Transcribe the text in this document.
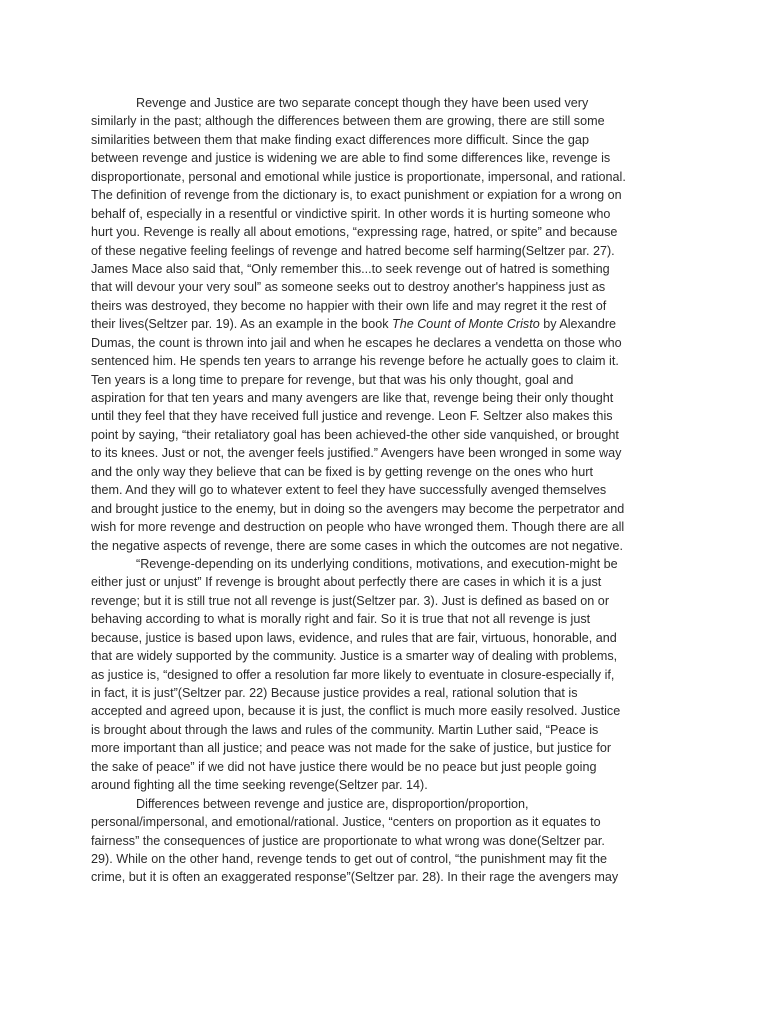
Revenge and Justice are two separate concept though they have been used very
similarly in the past; although the differences between them are growing, there are still some
similarities between them that make finding exact differences more difficult. Since the gap
between revenge and justice is widening we are able to find some differences like, revenge is
disproportionate, personal and emotional while justice is proportionate, impersonal, and rational.
The definition of revenge from the dictionary is, to exact punishment or expiation for a wrong on
behalf of, especially in a resentful or vindictive spirit. In other words it is hurting someone who
hurt you. Revenge is really all about emotions, “expressing rage, hatred, or spite” and because
of these negative feeling feelings of revenge and hatred become self harming(Seltzer par. 27).
James Mace also said that, “Only remember this...to seek revenge out of hatred is something
that will devour your very soul” as someone seeks out to destroy another's happiness just as
theirs was destroyed, they become no happier with their own life and may regret it the rest of
their lives(Seltzer par. 19). As an example in the book The Count of Monte Cristo by Alexandre
Dumas, the count is thrown into jail and when he escapes he declares a vendetta on those who
sentenced him. He spends ten years to arrange his revenge before he actually goes to claim it.
Ten years is a long time to prepare for revenge, but that was his only thought, goal and
aspiration for that ten years and many avengers are like that, revenge being their only thought
until they feel that they have received full justice and revenge. Leon F. Seltzer also makes this
point by saying, “their retaliatory goal has been achieved-the other side vanquished, or brought
to its knees. Just or not, the avenger feels justified.” Avengers have been wronged in some way
and the only way they believe that can be fixed is by getting revenge on the ones who hurt
them. And they will go to whatever extent to feel they have successfully avenged themselves
and brought justice to the enemy, but in doing so the avengers may become the perpetrator and
wish for more revenge and destruction on people who have wronged them. Though there are all
the negative aspects of revenge, there are some cases in which the outcomes are not negative.
“Revenge-depending on its underlying conditions, motivations, and execution-might be
either just or unjust” If revenge is brought about perfectly there are cases in which it is a just
revenge; but it is still true not all revenge is just(Seltzer par. 3). Just is defined as based on or
behaving according to what is morally right and fair. So it is true that not all revenge is just
because, justice is based upon laws, evidence, and rules that are fair, virtuous, honorable, and
that are widely supported by the community. Justice is a smarter way of dealing with problems,
as justice is, “designed to offer a resolution far more likely to eventuate in closure-especially if,
in fact, it is just”(Seltzer par. 22) Because justice provides a real, rational solution that is
accepted and agreed upon, because it is just, the conflict is much more easily resolved. Justice
is brought about through the laws and rules of the community. Martin Luther said, “Peace is
more important than all justice; and peace was not made for the sake of justice, but justice for
the sake of peace” if we did not have justice there would be no peace but just people going
around fighting all the time seeking revenge(Seltzer par. 14).
Differences between revenge and justice are, disproportion/proportion,
personal/impersonal, and emotional/rational. Justice, “centers on proportion as it equates to
fairness” the consequences of justice are proportionate to what wrong was done(Seltzer par.
29). While on the other hand, revenge tends to get out of control, “the punishment may fit the
crime, but it is often an exaggerated response”(Seltzer par. 28). In their rage the avengers may
